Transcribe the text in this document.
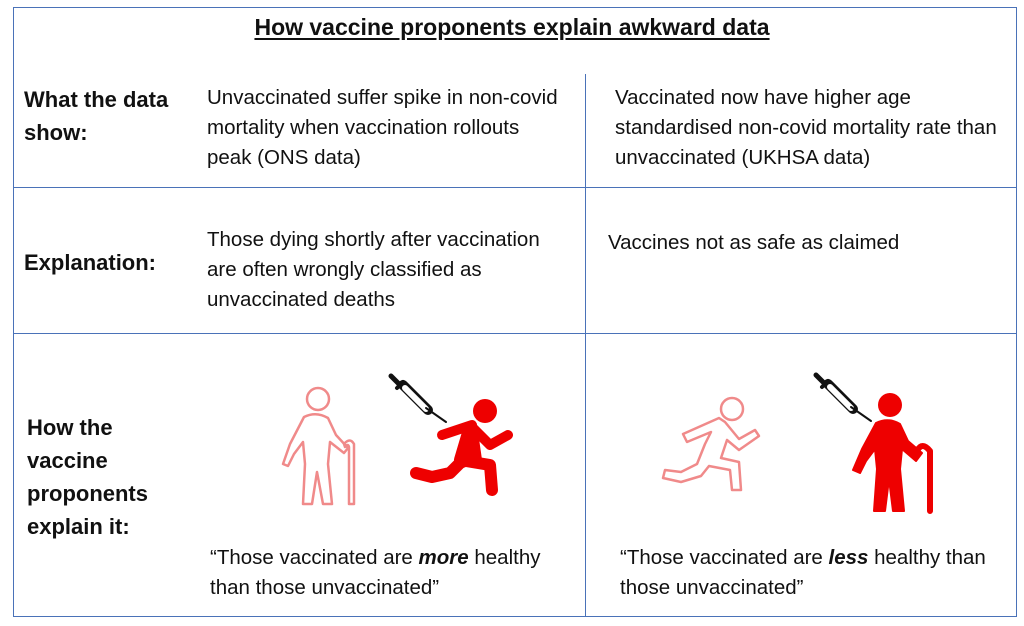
How vaccine proponents explain awkward data
What the data show:
Unvaccinated suffer spike in non-covid mortality when vaccination rollouts peak (ONS data)
Vaccinated now have higher age standardised non-covid mortality rate than unvaccinated (UKHSA data)
Explanation:
Those dying shortly after vaccination are often wrongly classified as unvaccinated deaths
Vaccines not as safe as claimed
How the vaccine proponents explain it:
“Those vaccinated are more healthy than those unvaccinated”
“Those vaccinated are less healthy than those unvaccinated”
